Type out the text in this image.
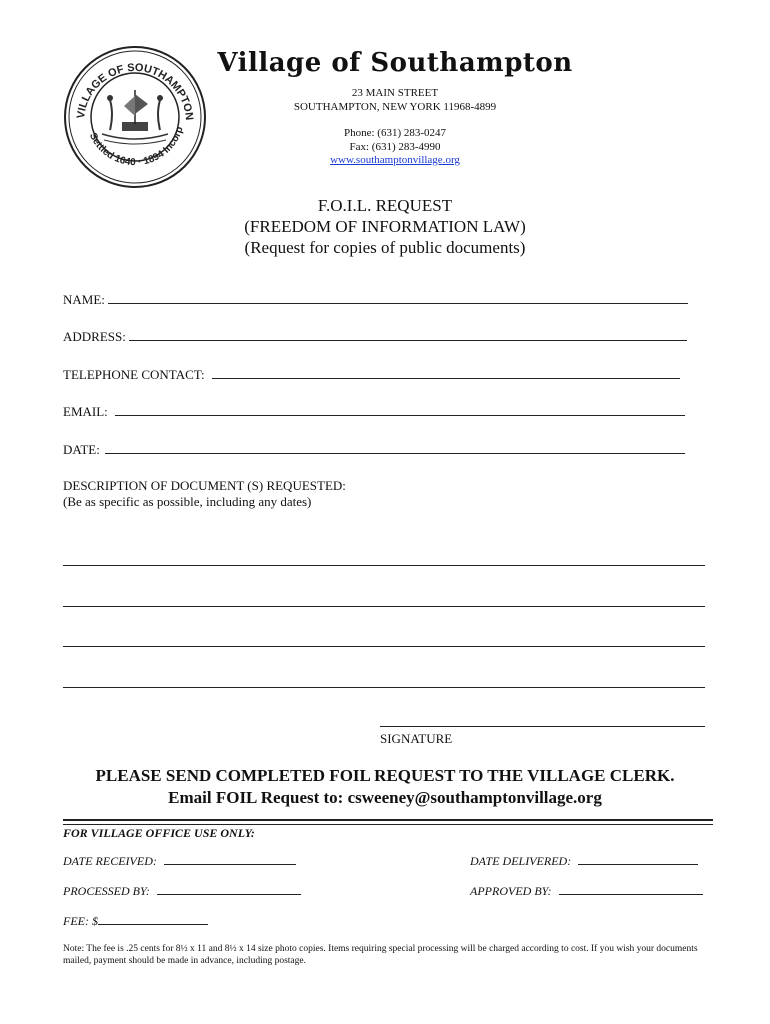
VILLAGE OF SOUTHAMPTON
Settled 1640 · 1894 Incorp
Village of Southampton
23 MAIN STREET
SOUTHAMPTON, NEW YORK 11968-4899
Phone: (631) 283-0247
Fax: (631) 283-4990
www.southamptonvillage.org
F.O.I.L. REQUEST
(FREEDOM OF INFORMATION LAW)
(Request for copies of public documents)
NAME:
ADDRESS:
TELEPHONE CONTACT:
EMAIL:
DATE:
DESCRIPTION OF DOCUMENT (S) REQUESTED:
(Be as specific as possible, including any dates)
SIGNATURE
PLEASE SEND COMPLETED FOIL REQUEST TO THE VILLAGE CLERK.
Email FOIL Request to: csweeney@southamptonvillage.org
FOR VILLAGE OFFICE USE ONLY:
DATE RECEIVED:	DATE DELIVERED:
PROCESSED BY:	APPROVED BY:
FEE: $
Note: The fee is .25 cents for 8½ x 11 and 8½ x 14 size photo copies. Items requiring special processing will be charged according to cost. If you wish your documents mailed, payment should be made in advance, including postage.
